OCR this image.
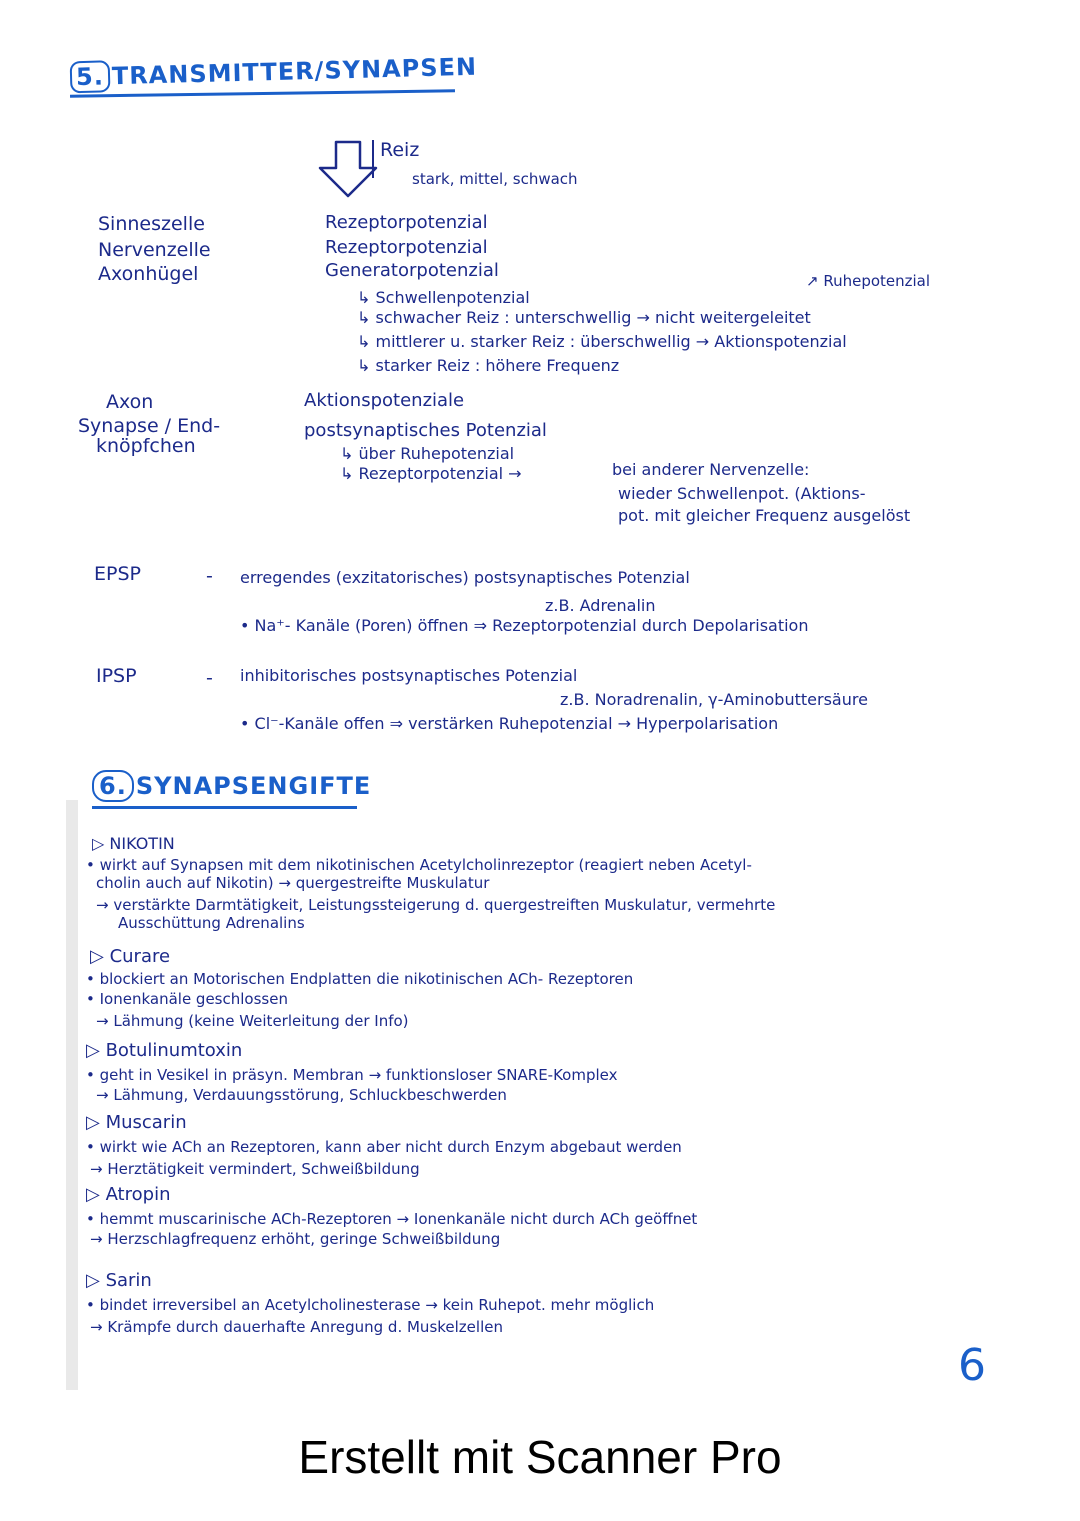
5. TRANSMITTER/SYNAPSEN
Reiz
stark, mittel, schwach
Sinneszelle
Nervenzelle
Axonhügel
Rezeptorpotenzial
Rezeptorpotenzial
Generatorpotenzial	↗ Ruhepotenzial
↳ Schwellenpotenzial
↳ schwacher Reiz : unterschwellig → nicht weitergeleitet
↳ mittlerer u. starker Reiz : überschwellig → Aktionspotenzial
↳ starker Reiz : höhere Frequenz
Axon
Synapse / End-
knöpfchen
Aktionspotenziale
postsynaptisches Potenzial
↳ über Ruhepotenzial
↳ Rezeptorpotenzial →	bei anderer Nervenzelle:
wieder Schwellenpot. (Aktions-
pot. mit gleicher Frequenz ausgelöst
EPSP	- erregendes (exzitatorisches) postsynaptisches Potenzial
z.B. Adrenalin
• Na⁺- Kanäle (Poren) öffnen ⇒ Rezeptorpotenzial durch Depolarisation
IPSP	- inhibitorisches postsynaptisches Potenzial
z.B. Noradrenalin, γ-Aminobuttersäure
• Cl⁻-Kanäle offen ⇒ verstärken Ruhepotenzial → Hyperpolarisation
6. SYNAPSENGIFTE
▷ NIKOTIN
• wirkt auf Synapsen mit dem nikotinischen Acetylcholinrezeptor (reagiert neben Acetyl-
cholin auch auf Nikotin) → quergestreifte Muskulatur
→ verstärkte Darmtätigkeit, Leistungssteigerung d. quergestreiften Muskulatur, vermehrte
Ausschüttung Adrenalins
▷ Curare
• blockiert an Motorischen Endplatten die nikotinischen ACh- Rezeptoren
• Ionenkanäle geschlossen
→ Lähmung (keine Weiterleitung der Info)
▷ Botulinumtoxin
• geht in Vesikel in präsyn. Membran → funktionsloser SNARE-Komplex
→ Lähmung, Verdauungsstörung, Schluckbeschwerden
▷ Muscarin
• wirkt wie ACh an Rezeptoren, kann aber nicht durch Enzym abgebaut werden
→ Herztätigkeit vermindert, Schweißbildung
▷ Atropin
• hemmt muscarinische ACh-Rezeptoren → Ionenkanäle nicht durch ACh geöffnet
→ Herzschlagfrequenz erhöht, geringe Schweißbildung
▷ Sarin
• bindet irreversibel an Acetylcholinesterase → kein Ruhepot. mehr möglich
→ Krämpfe durch dauerhafte Anregung d. Muskelzellen
6
Erstellt mit Scanner Pro
